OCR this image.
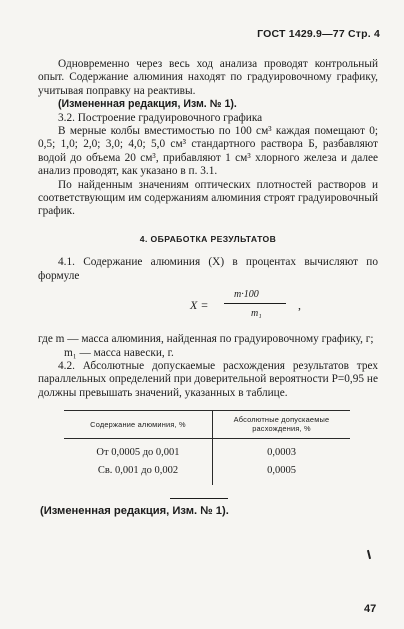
ГОСТ 1429.9—77 Стр. 4

Одновременно через весь ход анализа проводят контрольный опыт. Содержание алюминия находят по градуировочному графику, учитывая поправку на реактивы.

(Измененная редакция, Изм. № 1).

3.2. Построение градуировочного графика

В мерные колбы вместимостью по 100 см³ каждая помещают 0; 0,5; 1,0; 2,0; 3,0; 4,0; 5,0 см³ стандартного раствора Б, разбавляют водой до объема 20 см³, прибавляют 1 см³ хлорного железа и далее анализ проводят, как указано в п. 3.1.

По найденным значениям оптических плотностей растворов и соответствующим им содержаниям алюминия строят градуировочный график.

4. ОБРАБОТКА РЕЗУЛЬТАТОВ

4.1. Содержание алюминия (X) в процентах вычисляют по формуле

X =
m·100
m₁
,

где m — масса алюминия, найденная по градуировочному графику, г;

m₁ — масса навески, г.

4.2. Абсолютные допускаемые расхождения результатов трех параллельных определений при доверительной вероятности P=0,95 не должны превышать значений, указанных в таблице.

Содержание алюминия, %	Абсолютные допускаемые расхождения, %
От 0,0005 до 0,001	0,0003
Св. 0,001 до 0,002	0,0005

(Измененная редакция, Изм. № 1).

47
